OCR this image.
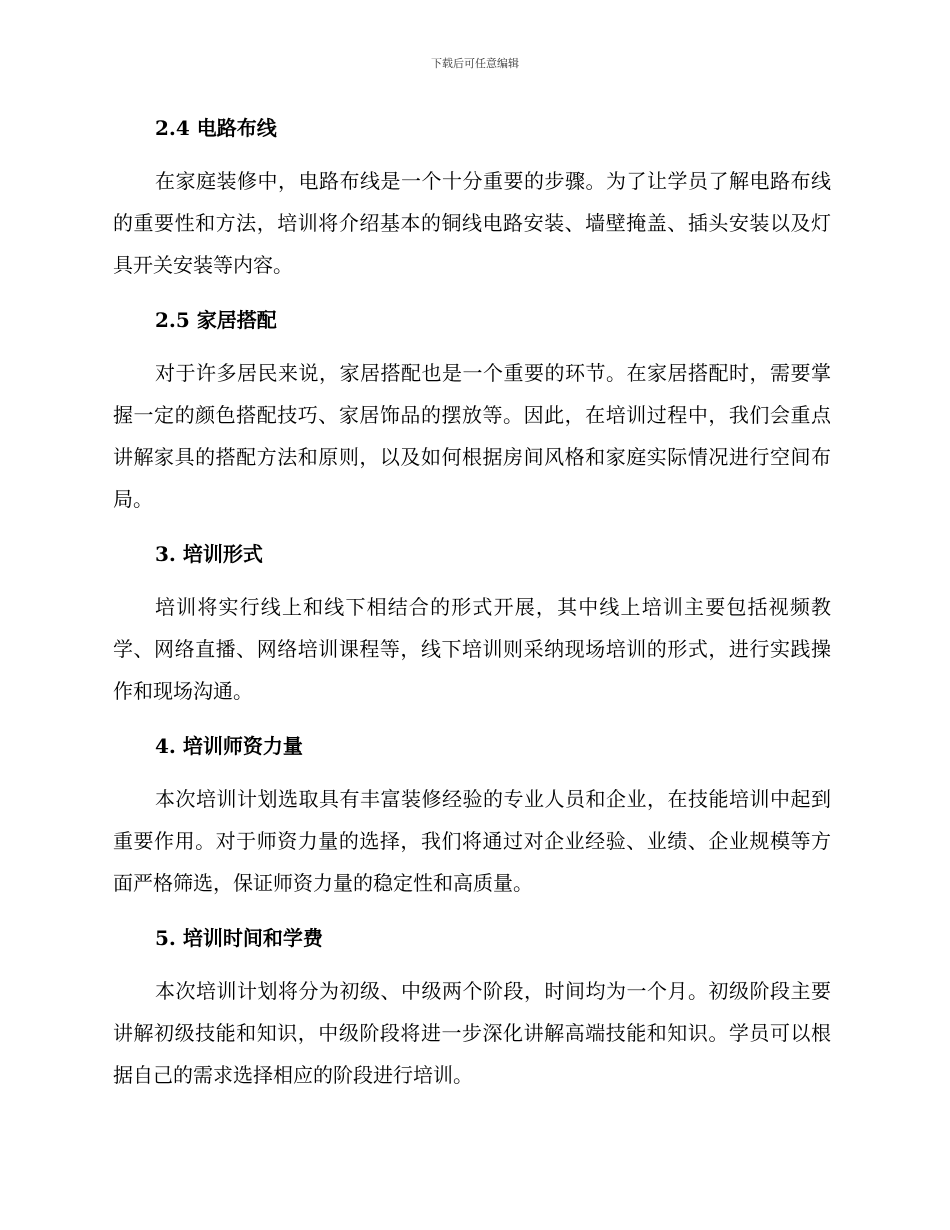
下载后可任意编辑
2.4 电路布线

在家庭装修中，电路布线是一个十分重要的步骤。为了让学员了解电路布线的重要性和方法，培训将介绍基本的铜线电路安装、墙壁掩盖、插头安装以及灯具开关安装等内容。

2.5 家居搭配

对于许多居民来说，家居搭配也是一个重要的环节。在家居搭配时，需要掌握一定的颜色搭配技巧、家居饰品的摆放等。因此，在培训过程中，我们会重点讲解家具的搭配方法和原则，以及如何根据房间风格和家庭实际情况进行空间布局。

3. 培训形式

培训将实行线上和线下相结合的形式开展，其中线上培训主要包括视频教学、网络直播、网络培训课程等，线下培训则采纳现场培训的形式，进行实践操作和现场沟通。

4. 培训师资力量

本次培训计划选取具有丰富装修经验的专业人员和企业，在技能培训中起到重要作用。对于师资力量的选择，我们将通过对企业经验、业绩、企业规模等方面严格筛选，保证师资力量的稳定性和高质量。

5. 培训时间和学费

本次培训计划将分为初级、中级两个阶段，时间均为一个月。初级阶段主要讲解初级技能和知识，中级阶段将进一步深化讲解高端技能和知识。学员可以根据自己的需求选择相应的阶段进行培训。
